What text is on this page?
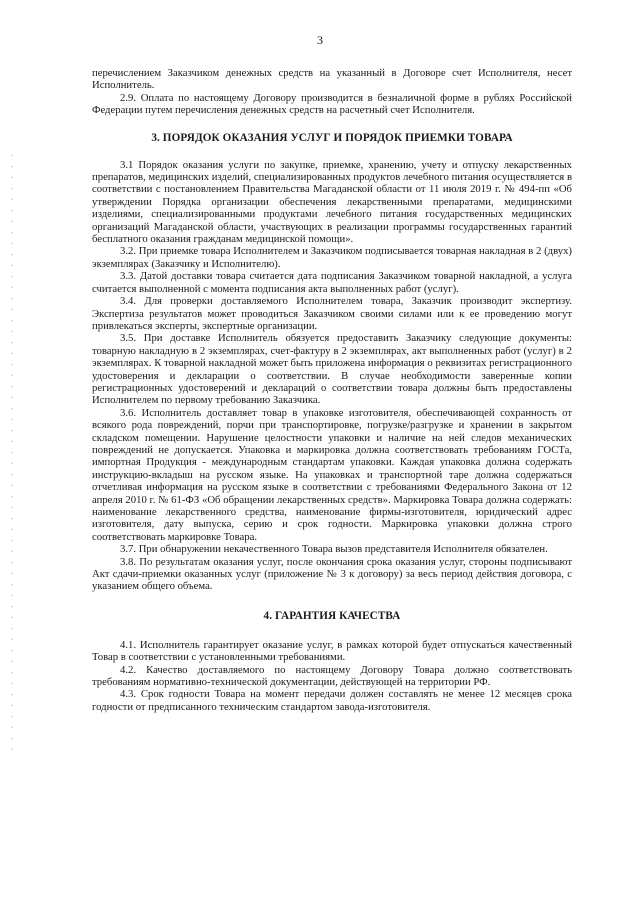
3

перечислением Заказчиком денежных средств на указанный в Договоре счет Исполнителя, несет Исполнитель.

2.9. Оплата по настоящему Договору производится в безналичной форме в рублях Российской Федерации путем перечисления денежных средств на расчетный счет Исполнителя.

3. ПОРЯДОК ОКАЗАНИЯ УСЛУГ И ПОРЯДОК ПРИЕМКИ ТОВАРА

3.1 Порядок оказания услуги по закупке, приемке, хранению, учету и отпуску лекарственных препаратов, медицинских изделий, специализированных продуктов лечебного питания осуществляется в соответствии с постановлением Правительства Магаданской области от 11 июля 2019 г. № 494-пп «Об утверждении Порядка организации обеспечения лекарственными препаратами, медицинскими изделиями, специализированными продуктами лечебного питания государственных медицинских организаций Магаданской области, участвующих в реализации программы государственных гарантий бесплатного оказания гражданам медицинской помощи».

3.2. При приемке товара Исполнителем и Заказчиком подписывается товарная накладная в 2 (двух) экземплярах (Заказчику и Исполнителю).

3.3. Датой доставки товара считается дата подписания Заказчиком товарной накладной, а услуга считается выполненной с момента подписания акта выполненных работ (услуг).

3.4. Для проверки доставляемого Исполнителем товара, Заказчик производит экспертизу. Экспертиза результатов может проводиться Заказчиком своими силами или к ее проведению могут привлекаться эксперты, экспертные организации.

3.5. При доставке Исполнитель обязуется предоставить Заказчику следующие документы: товарную накладную в 2 экземплярах, счет-фактуру в 2 экземплярах, акт выполненных работ (услуг) в 2 экземплярах. К товарной накладной может быть приложена информация о реквизитах регистрационного удостоверения и декларации о соответствии. В случае необходимости заверенные копии регистрационных удостоверений и деклараций о соответствии товара должны быть предоставлены Исполнителем по первому требованию Заказчика.

3.6. Исполнитель доставляет товар в упаковке изготовителя, обеспечивающей сохранность от всякого рода повреждений, порчи при транспортировке, погрузке/разгрузке и хранении в закрытом складском помещении. Нарушение целостности упаковки и наличие на ней следов механических повреждений не допускается. Упаковка и маркировка должна соответствовать требованиям ГОСТа, импортная Продукция - международным стандартам упаковки. Каждая упаковка должна содержать инструкцию-вкладыш на русском языке. На упаковках и транспортной таре должна содержаться отчетливая информация на русском языке в соответствии с требованиями Федерального Закона от 12 апреля 2010 г. № 61-ФЗ «Об обращении лекарственных средств». Маркировка Товара должна содержать: наименование лекарственного средства, наименование фирмы-изготовителя, юридический адрес изготовителя, дату выпуска, серию и срок годности. Маркировка упаковки должна строго соответствовать маркировке Товара.

3.7. При обнаружении некачественного Товара вызов представителя Исполнителя обязателен.

3.8. По результатам оказания услуг, после окончания срока оказания услуг, стороны подписывают Акт сдачи-приемки оказанных услуг (приложение № 3 к договору) за весь период действия договора, с указанием общего объема.

4. ГАРАНТИЯ КАЧЕСТВА

4.1. Исполнитель гарантирует оказание услуг, в рамках которой будет отпускаться качественный Товар в соответствии с установленными требованиями.

4.2. Качество доставляемого по настоящему Договору Товара должно соответствовать требованиям нормативно-технической документации, действующей на территории РФ.

4.3. Срок годности Товара на момент передачи должен составлять не менее 12 месяцев срока годности от предписанного техническим стандартом завода-изготовителя.
